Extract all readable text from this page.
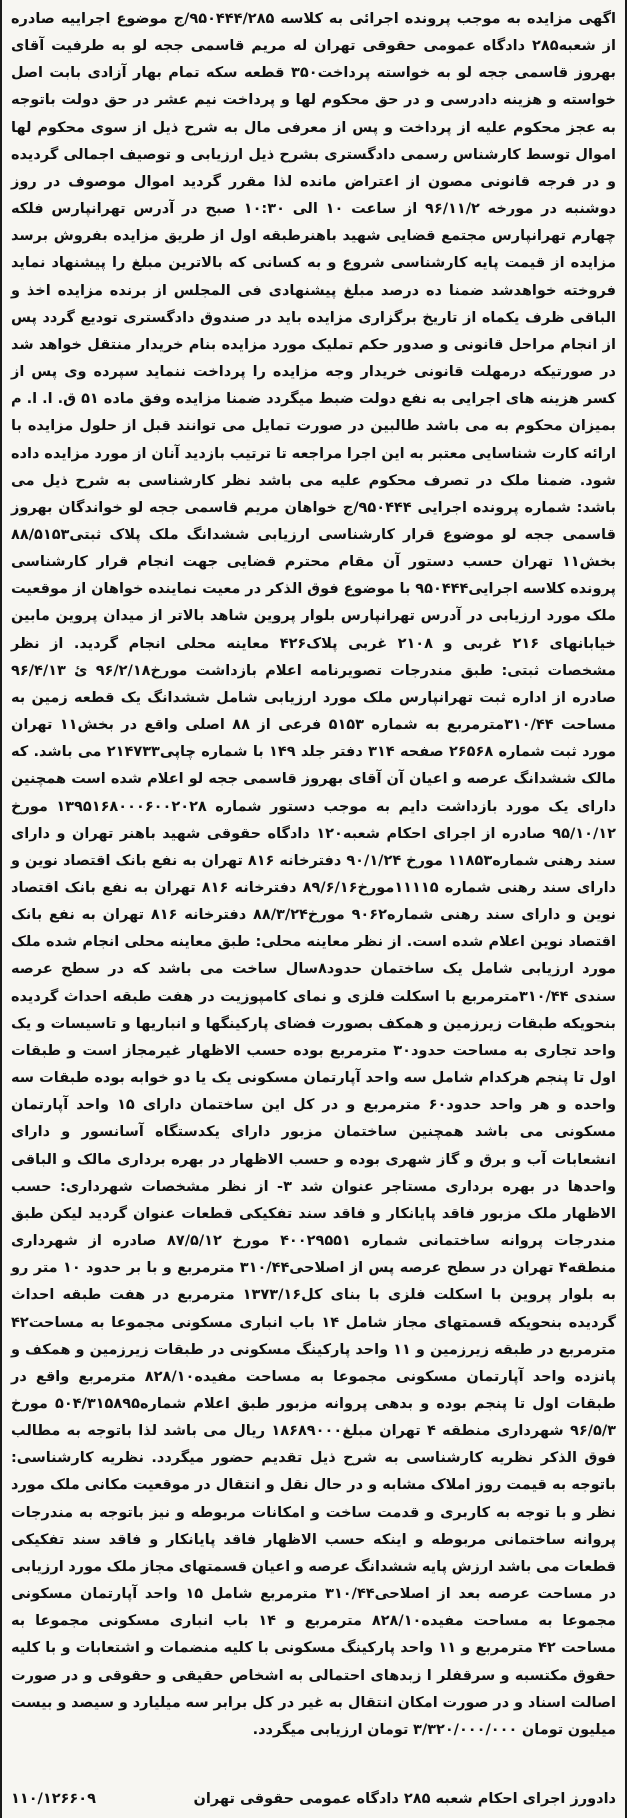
اگهی مزایده به موجب پرونده اجرائی به کلاسه ۹۵۰۴۴۴/۲۸۵/ج موضوع اجراییه صادره از شعبه۲۸۵ دادگاه عمومی حقوقی تهران له مریم قاسمی ججه لو به طرفیت آقای بهروز قاسمی ججه لو به خواسته پرداخت۳۵۰ قطعه سکه تمام بهار آزادی بابت اصل خواسته و هزینه دادرسی و در حق محکوم لها و پرداخت نیم عشر در حق دولت باتوجه به عجز محکوم علیه از پرداخت و پس از معرفی مال به شرح ذیل از سوی محکوم لها اموال توسط کارشناس رسمی دادگستری بشرح ذیل ارزیابی و توصیف اجمالی گردیده و در فرجه قانونی مصون از اعتراض مانده لذا مقرر گردید اموال موصوف در روز دوشنبه در مورخه ۹۶/۱۱/۲ از ساعت ۱۰ الی ۱۰:۳۰ صبح در آدرس تهرانپارس فلکه چهارم تهرانپارس مجتمع قضایی شهید باهنرطبقه اول از طریق مزایده بفروش برسد مزایده از قیمت پایه کارشناسی شروع و به کسانی که بالاترین مبلغ را پیشنهاد نماید فروخته خواهدشد ضمنا ده درصد مبلغ پیشنهادی فی المجلس از برنده مزایده اخذ و الباقی ظرف یکماه از تاریخ برگزاری مزایده باید در صندوق دادگستری تودیع گردد پس از انجام مراحل قانونی و صدور حکم تملیک مورد مزایده بنام خریدار منتقل خواهد شد در صورتیکه درمهلت قانونی خریدار وجه مزایده را پرداخت ننماید سپرده وی پس از کسر هزینه های اجرایی به نفع دولت ضبط میگردد ضمنا مزایده وفق ماده ۵۱ ق. ا. ا. م بمیزان محکوم به می باشد طالبین در صورت تمایل می توانند قبل از حلول مزایده با ارائه کارت شناسایی معتبر به این اجرا مراجعه تا ترتیب بازدید آنان از مورد مزایده داده شود. ضمنا ملک در تصرف محکوم علیه می باشد نظر کارشناسی به شرح ذیل می باشد: شماره پرونده اجرایی ۹۵۰۴۴۴/ج خواهان مریم قاسمی ججه لو خواندگان بهروز قاسمی ججه لو موضوع قرار کارشناسی ارزیابی ششدانگ ملک پلاک ثبتی۸۸/۵۱۵۳ بخش۱۱ تهران حسب دستور آن مقام محترم قضایی جهت انجام قرار کارشناسی پرونده کلاسه اجرایی۹۵۰۴۴۴ با موضوع فوق الذکر در معیت نماینده خواهان از موقعیت ملک مورد ارزیابی در آدرس تهرانپارس بلوار پروین شاهد بالاتر از میدان پروین مابین خیابانهای ۲۱۶ غربی و ۲۱۰۸ غربی پلاک۴۲۶ معاینه محلی انجام گردید. از نظر مشخصات ثبتی: طبق مندرجات تصویرنامه اعلام بازداشت مورخ۹۶/۲/۱۸ ئ ۹۶/۴/۱۳ صادره از اداره ثبت تهرانپارس ملک مورد ارزیابی شامل ششدانگ یک قطعه زمین به مساحت ۳۱۰/۴۴مترمربع به شماره ۵۱۵۳ فرعی از ۸۸ اصلی واقع در بخش۱۱ تهران مورد ثبت شماره ۲۶۵۶۸ صفحه ۳۱۴ دفتر جلد ۱۴۹ با شماره چاپی۲۱۴۷۳۳ می باشد. که مالک ششدانگ عرصه و اعیان آن آقای بهروز قاسمی ججه لو اعلام شده است همچنین دارای یک مورد بازداشت دایم به موجب دستور شماره ۱۳۹۵۱۶۸۰۰۰۶۰۰۲۰۲۸ مورخ ۹۵/۱۰/۱۲ صادره از اجرای احکام شعبه۱۲۰ دادگاه حقوقی شهید باهنر تهران و دارای سند رهنی شماره۱۱۸۵۳ مورخ ۹۰/۱/۲۴ دفترخانه ۸۱۶ تهران به نفع بانک اقتصاد نوین و دارای سند رهنی شماره ۱۱۱۱۵مورخ۸۹/۶/۱۶ دفترخانه ۸۱۶ تهران به نفع بانک اقتصاد نوین و دارای سند رهنی شماره۹۰۶۲ مورخ۸۸/۳/۲۴ دفترخانه ۸۱۶ تهران به نفع بانک اقتصاد نوین اعلام شده است. از نظر معاینه محلی: طبق معاینه محلی انجام شده ملک مورد ارزیابی شامل یک ساختمان حدود۸سال ساخت می باشد که در سطح عرصه سندی ۳۱۰/۴۴مترمربع با اسکلت فلزی و نمای کامپوزیت در هفت طبقه احداث گردیده بنحویکه طبقات زیرزمین و همکف بصورت فضای پارکینگها و انباریها و تاسیسات و یک واحد تجاری به مساحت حدود۳۰ مترمربع بوده حسب الاظهار غیرمجاز است و طبقات اول تا پنجم هرکدام شامل سه واحد آپارتمان مسکونی یک یا دو خوابه بوده طبقات سه واحده و هر واحد حدود۶۰ مترمربع و در کل این ساختمان دارای ۱۵ واحد آپارتمان مسکونی می باشد همچنین ساختمان مزبور دارای یکدستگاه آسانسور و دارای انشعابات آب و برق و گاز شهری بوده و حسب الاظهار در بهره برداری مالک و الباقی واحدها در بهره برداری مستاجر عنوان شد ۳- از نظر مشخصات شهرداری: حسب الاظهار ملک مزبور فاقد پایانکار و فاقد سند تفکیکی قطعات عنوان گردید لیکن طبق مندرجات پروانه ساختمانی شماره ۴۰۰۲۹۵۵۱ مورخ ۸۷/۵/۱۲ صادره از شهرداری منطقه۴ تهران در سطح عرصه پس از اصلاحی۳۱۰/۴۴ مترمربع و با بر حدود ۱۰ متر رو به بلوار پروین با اسکلت فلزی با بنای کل۱۳۷۳/۱۶ مترمربع در هفت طبقه احداث گردیده بنحویکه قسمتهای مجاز شامل ۱۴ باب انباری مسکونی مجموعا به مساحت۴۲ مترمربع در طبقه زیرزمین و ۱۱ واحد پارکینگ مسکونی در طبقات زیرزمین و همکف و پانزده واحد آپارتمان مسکونی مجموعا به مساحت مفیده۸۲۸/۱۰ مترمربع واقع در طبقات اول تا پنجم بوده و بدهی پروانه مزبور طبق اعلام شماره۵۰۴/۳۱۵۸۹۵ مورخ ۹۶/۵/۳ شهرداری منطقه ۴ تهران مبلغ۱۸۶۸۹۰۰۰ ریال می باشد لذا باتوجه به مطالب فوق الذکر نظریه کارشناسی به شرح ذیل تقدیم حضور میگردد. نظریه کارشناسی: باتوجه به قیمت روز املاک مشابه و در حال نقل و انتقال در موقعیت مکانی ملک مورد نظر و با توجه به کاربری و قدمت ساخت و امکانات مربوطه و نیز باتوجه به مندرجات پروانه ساختمانی مربوطه و اینکه حسب الاظهار فاقد پایانکار و فاقد سند تفکیکی قطعات می باشد ارزش پایه ششدانگ عرصه و اعیان قسمتهای مجاز ملک مورد ارزیابی در مساحت عرصه بعد از اصلاحی۳۱۰/۴۴ مترمربع شامل ۱۵ واحد آپارتمان مسکونی مجموعا به مساحت مفیده۸۲۸/۱۰ مترمربع و ۱۴ باب انباری مسکونی مجموعا به مساحت ۴۲ مترمربع و ۱۱ واحد پارکینگ مسکونی با کلیه منضمات و اشتعابات و با کلیه حقوق مکتسبه و سرقفلر ا زبدهای احتمالی به اشخاص حقیقی و حقوقی و در صورت اصالت اسناد و در صورت امکان انتقال به غیر در کل برابر سه میلیارد و سیصد و بیست میلیون تومان ۳/۳۲۰/۰۰۰/۰۰۰ تومان ارزیابی میگردد.

دادورز اجرای احکام شعبه ۲۸۵ دادگاه عمومی حقوقی تهران
۱۱۰/۱۲۶۶۰۹
